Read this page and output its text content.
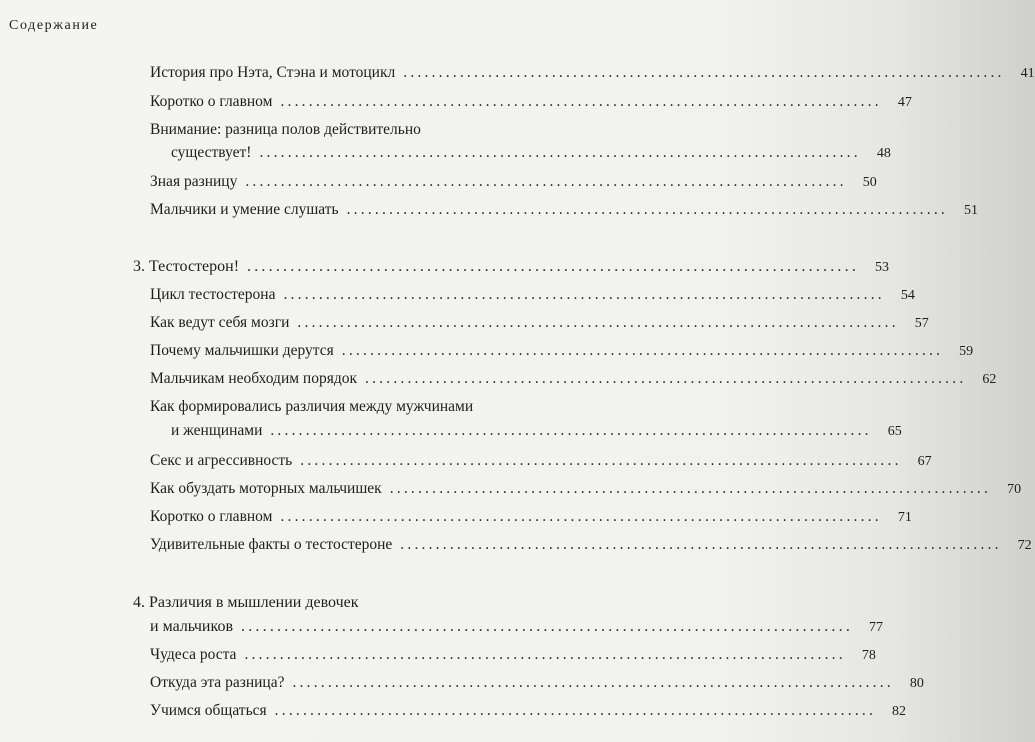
Содержание
История про Нэта, Стэна и мотоцикл .....................................................................................	41
Коротко о главном .....................................................................................	47
Внимание: разница полов действительно
существует! .....................................................................................	48
Зная разницу .....................................................................................	50
Мальчики и умение слушать .....................................................................................	51
3. Тестостерон! .....................................................................................	53
Цикл тестостерона .....................................................................................	54
Как ведут себя мозги .....................................................................................	57
Почему мальчишки дерутся .....................................................................................	59
Мальчикам необходим порядок .....................................................................................	62
Как формировались различия между мужчинами
и женщинами .....................................................................................	65
Секс и агрессивность .....................................................................................	67
Как обуздать моторных мальчишек .....................................................................................	70
Коротко о главном .....................................................................................	71
Удивительные факты о тестостероне .....................................................................................	72
4. Различия в мышлении девочек
и мальчиков .....................................................................................	77
Чудеса роста .....................................................................................	78
Откуда эта разница? .....................................................................................	80
Учимся общаться .....................................................................................	82
